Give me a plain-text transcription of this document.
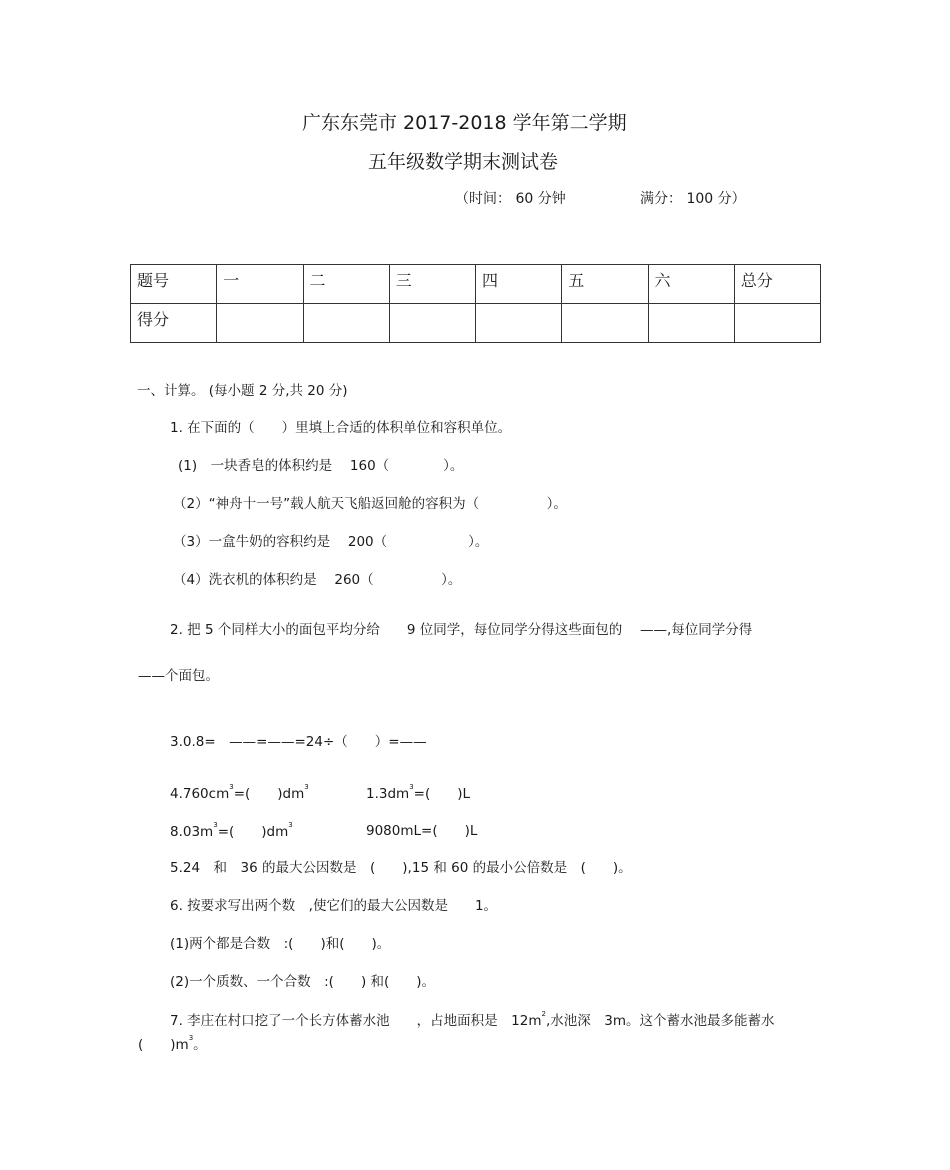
广东东莞市 2017-2018 学年第二学期
五年级数学期末测试卷
（时间： 60 分钟	满分： 100 分）
题号	一	二	三	四	五	六	总分
得分							
一、计算。 (每小题 2 分,共 20 分)
1. 在下面的（　　）里填上合适的体积单位和容积单位。
(1)　一块香皂的体积约是　 160（　　　　）。
（2）“神舟十一号”载人航天飞船返回舱的容积为（　　　　　）。
（3）一盒牛奶的容积约是　 200（　　　　　　）。
（4）洗衣机的体积约是　 260（　　　　　）。
2. 把 5 个同样大小的面包平均分给　　9 位同学，每位同学分得这些面包的　 ——,每位同学分得
——个面包。
3.0.8=　——=——=24÷（　　）=——
$4.760cm^3=$(　　)$dm^3$	$1.3dm^3=$(　　)L
$8.03m^3=$(　　)$dm^3$	9080mL=(　　)L
5.24　和　36 的最大公因数是　(　　),15 和 60 的最小公倍数是　(　　)。
6. 按要求写出两个数　,使它们的最大公因数是　　1。
(1)两个都是合数　:(　　)和(　　)。
(2)一个质数、一个合数　:(　　) 和(　　)。
7. 李庄在村口挖了一个长方体蓄水池　　，占地面积是　$12m^2$,水池深　3m。这个蓄水池最多能蓄水
(　　)$m^3$。
